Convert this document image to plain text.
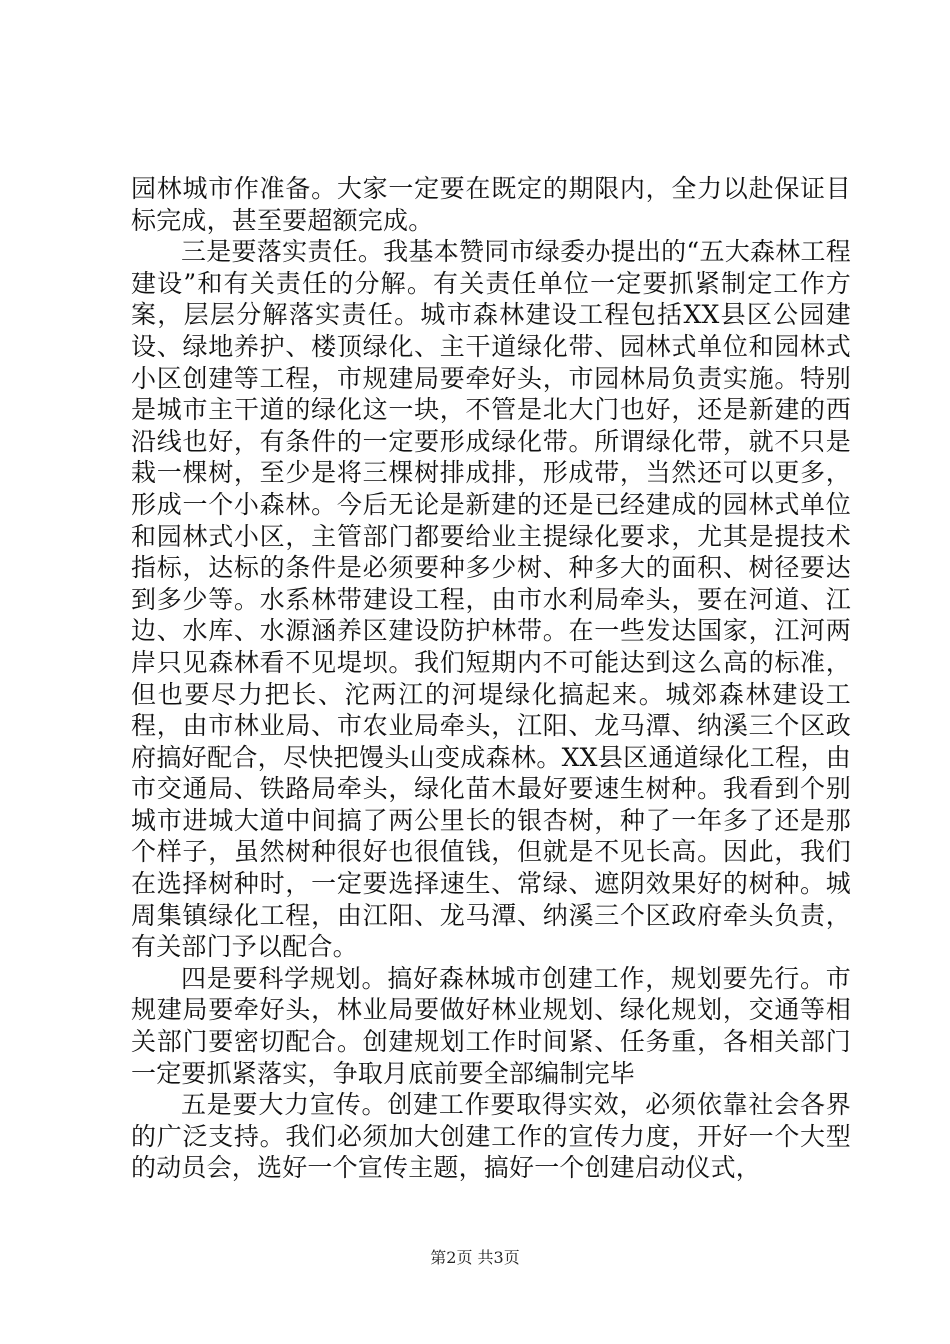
园林城市作准备。大家一定要在既定的期限内，全力以赴保证目标完成，甚至要超额完成。

三是要落实责任。我基本赞同市绿委办提出的“五大森林工程建设”和有关责任的分解。有关责任单位一定要抓紧制定工作方案，层层分解落实责任。城市森林建设工程包括XX县区公园建设、绿地养护、楼顶绿化、主干道绿化带、园林式单位和园林式小区创建等工程，市规建局要牵好头，市园林局负责实施。特别是城市主干道的绿化这一块，不管是北大门也好，还是新建的西沿线也好，有条件的一定要形成绿化带。所谓绿化带，就不只是栽一棵树，至少是将三棵树排成排，形成带，当然还可以更多，形成一个小森林。今后无论是新建的还是已经建成的园林式单位和园林式小区，主管部门都要给业主提绿化要求，尤其是提技术指标，达标的条件是必须要种多少树、种多大的面积、树径要达到多少等。水系林带建设工程，由市水利局牵头，要在河道、江边、水库、水源涵养区建设防护林带。在一些发达国家，江河两岸只见森林看不见堤坝。我们短期内不可能达到这么高的标准，但也要尽力把长、沱两江的河堤绿化搞起来。城郊森林建设工程，由市林业局、市农业局牵头，江阳、龙马潭、纳溪三个区政府搞好配合，尽快把馒头山变成森林。XX县区通道绿化工程，由市交通局、铁路局牵头，绿化苗木最好要速生树种。我看到个别城市进城大道中间搞了两公里长的银杏树，种了一年多了还是那个样子，虽然树种很好也很值钱，但就是不见长高。因此，我们在选择树种时，一定要选择速生、常绿、遮阴效果好的树种。城周集镇绿化工程，由江阳、龙马潭、纳溪三个区政府牵头负责，有关部门予以配合。

四是要科学规划。搞好森林城市创建工作，规划要先行。市规建局要牵好头，林业局要做好林业规划、绿化规划，交通等相关部门要密切配合。创建规划工作时间紧、任务重，各相关部门一定要抓紧落实，争取月底前要全部编制完毕

五是要大力宣传。创建工作要取得实效，必须依靠社会各界的广泛支持。我们必须加大创建工作的宣传力度，开好一个大型的动员会，选好一个宣传主题，搞好一个创建启动仪式，

第2页 共3页
